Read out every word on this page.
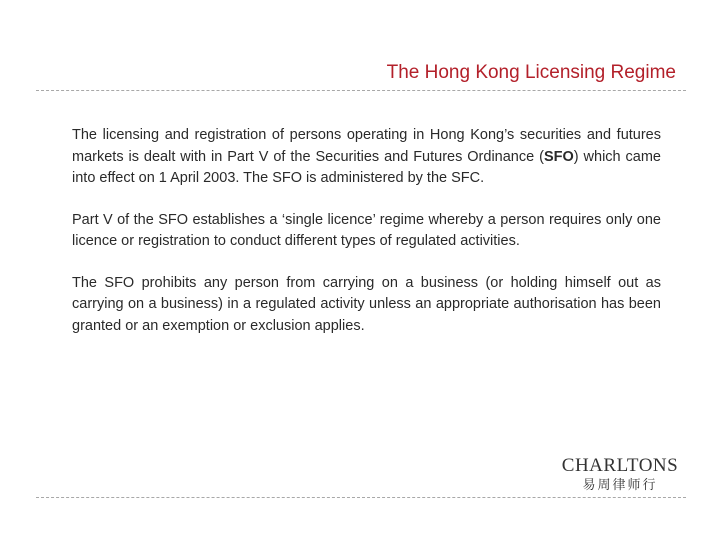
The Hong Kong Licensing Regime
The licensing and registration of persons operating in Hong Kong’s securities and futures markets is dealt with in Part V of the Securities and Futures Ordinance (SFO) which came into effect on 1 April 2003. The SFO is administered by the SFC.
Part V of the SFO establishes a ‘single licence’ regime whereby a person requires only one licence or registration to conduct different types of regulated activities.
The SFO prohibits any person from carrying on a business (or holding himself out as carrying on a business) in a regulated activity unless an appropriate authorisation has been granted or an exemption or exclusion applies.
CHARLTONS
易周律师行
